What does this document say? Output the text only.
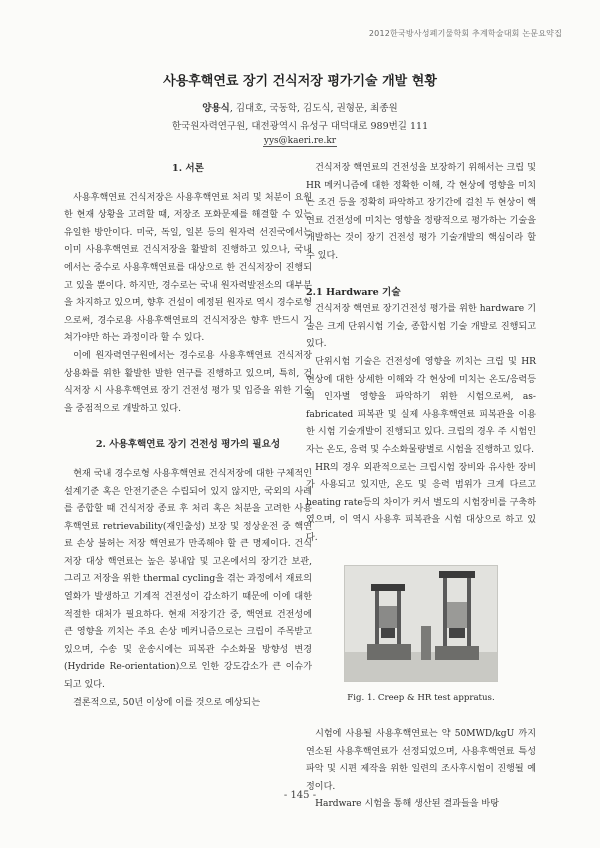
2012한국방사성폐기물학회 추계학술대회 논문요약집
사용후핵연료 장기 건식저장 평가기술 개발 현황
양용식, 김대호, 국동학, 김도식, 권형문, 최종원
한국원자력연구원, 대전광역시 유성구 대덕대로 989번길 111
yys@kaeri.re.kr

1. 서론

사용후핵연료 건식저장은 사용후핵연료 처리 및 처분이 요원한 현재 상황을 고려할 때, 저장조 포화문제를 해결할 수 있는 유일한 방안이다. 미국, 독일, 일본 등의 원자력 선진국에서는 이미 사용후핵연료 건식저장을 활발히 진행하고 있으나, 국내에서는 중수로 사용후핵연료를 대상으로 한 건식저장이 진행되고 있을 뿐이다. 하지만, 경수로는 국내 원자력발전소의 대부분을 차지하고 있으며, 향후 건설이 예정된 원자로 역시 경수로형으로써, 경수로용 사용후핵연료의 건식저장은 향후 반드시 거쳐가야만 하는 과정이라 할 수 있다.

이에 원자력연구원에서는 경수로용 사용후핵연료 건식저장 상용화를 위한 활발한 발한 연구를 진행하고 있으며, 특히, 건식저장 시 사용후핵연료 장기 건전성 평가 및 입증을 위한 기술을 중점적으로 개발하고 있다.

2. 사용후핵연료 장기 건전성 평가의 필요성

현재 국내 경수로형 사용후핵연료 건식저장에 대한 구체적인 설계기준 혹은 안전기준은 수립되어 있지 않지만, 국외의 사례를 종합할 때 건식저장 종료 후 처리 혹은 처분을 고려한 사용후핵연료 retrievability(재인출성) 보장 및 정상운전 중 핵연료 손상 불허는 저장 핵연료가 만족해야 할 큰 명제이다. 건식저장 대상 핵연료는 높은 봉내압 및 고온에서의 장기간 보관, 그리고 저장을 위한 thermal cycling을 겪는 과정에서 재료의 열화가 발생하고 기계적 건전성이 감소하기 때문에 이에 대한 적절한 대처가 필요하다. 현재 저장기간 중, 핵연료 건전성에 큰 영향을 끼치는 주요 손상 메커니즘으로는 크립이 주목받고 있으며, 수송 및 운송시에는 피복관 수소화물 방향성 변경(Hydride Re-orientation)으로 인한 강도감소가 큰 이슈가 되고 있다.

결론적으로, 50년 이상에 이를 것으로 예상되는

건식저장 핵연료의 건전성을 보장하기 위해서는 크립 및 HR 메커니즘에 대한 정확한 이해, 각 현상에 영향을 미치는 조건 등을 정확히 파악하고 장기간에 걸친 두 현상이 핵연료 건전성에 미치는 영향을 정량적으로 평가하는 기술을 개발하는 것이 장기 건전성 평가 기술개발의 핵심이라 할 수 있다.

2.1 Hardware 기술

건식저장 핵연료 장기건전성 평가를 위한 hardware 기술은 크게 단위시험 기술, 종합시험 기술 개발로 진행되고 있다.

단위시험 기술은 건전성에 영향을 끼치는 크립 및 HR 현상에 대한 상세한 이해와 각 현상에 미치는 온도/응력등의 인자별 영향을 파악하기 위한 시험으로써, as-fabricated 피복관 및 실제 사용후핵연료 피복관을 이용한 시험 기술개발이 진행되고 있다. 크립의 경우 주 시험인자는 온도, 응력 및 수소화물량별로 시험을 진행하고 있다.

HR의 경우 외관적으로는 크립시험 장비와 유사한 장비가 사용되고 있지만, 온도 및 응력 범위가 크게 다르고 heating rate등의 차이가 커서 별도의 시험장비를 구축하였으며, 이 역시 사용후 피복관을 시험 대상으로 하고 있다.

Fig. 1. Creep & HR test appratus.

시험에 사용될 사용후핵연료는 약 50MWD/kgU 까지 연소된 사용후핵연료가 선정되었으며, 사용후핵연료 특성 파악 및 시편 제작을 위한 일련의 조사후시험이 진행될 예정이다.

Hardware 시험을 통해 생산된 결과들을 바탕

- 145 -
